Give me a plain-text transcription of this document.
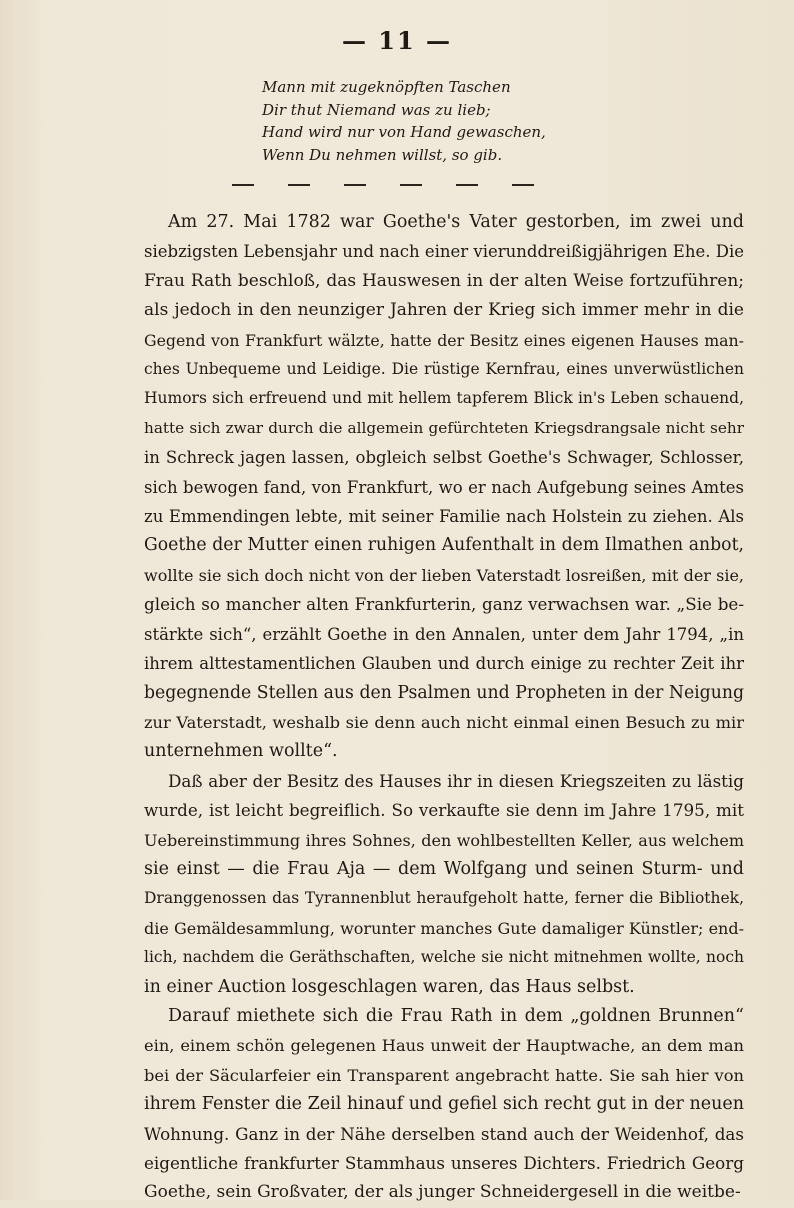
— 11 —
Mann mit zugeknöpften Taschen
Dir thut Niemand was zu lieb;
Hand wird nur von Hand gewaschen,
Wenn Du nehmen willst, so gib.
Am 27. Mai 1782 war Goethe's Vater gestorben, im zwei und
siebzigsten Lebensjahr und nach einer vierunddreißigjährigen Ehe. Die
Frau Rath beschloß, das Hauswesen in der alten Weise fortzuführen;
als jedoch in den neunziger Jahren der Krieg sich immer mehr in die
Gegend von Frankfurt wälzte, hatte der Besitz eines eigenen Hauses man-
ches Unbequeme und Leidige. Die rüstige Kernfrau, eines unverwüstlichen
Humors sich erfreuend und mit hellem tapferem Blick in's Leben schauend,
hatte sich zwar durch die allgemein gefürchteten Kriegsdrangsale nicht sehr
in Schreck jagen lassen, obgleich selbst Goethe's Schwager, Schlosser,
sich bewogen fand, von Frankfurt, wo er nach Aufgebung seines Amtes
zu Emmendingen lebte, mit seiner Familie nach Holstein zu ziehen. Als
Goethe der Mutter einen ruhigen Aufenthalt in dem Ilmathen anbot,
wollte sie sich doch nicht von der lieben Vaterstadt losreißen, mit der sie,
gleich so mancher alten Frankfurterin, ganz verwachsen war. „Sie be-
stärkte sich“, erzählt Goethe in den Annalen, unter dem Jahr 1794, „in
ihrem alttestamentlichen Glauben und durch einige zu rechter Zeit ihr
begegnende Stellen aus den Psalmen und Propheten in der Neigung
zur Vaterstadt, weshalb sie denn auch nicht einmal einen Besuch zu mir
unternehmen wollte“.
Daß aber der Besitz des Hauses ihr in diesen Kriegszeiten zu lästig
wurde, ist leicht begreiflich. So verkaufte sie denn im Jahre 1795, mit
Uebereinstimmung ihres Sohnes, den wohlbestellten Keller, aus welchem
sie einst — die Frau Aja — dem Wolfgang und seinen Sturm- und
Dranggenossen das Tyrannenblut heraufgeholt hatte, ferner die Bibliothek,
die Gemäldesammlung, worunter manches Gute damaliger Künstler; end-
lich, nachdem die Geräthschaften, welche sie nicht mitnehmen wollte, noch
in einer Auction losgeschlagen waren, das Haus selbst.
Darauf miethete sich die Frau Rath in dem „goldnen Brunnen“
ein, einem schön gelegenen Haus unweit der Hauptwache, an dem man
bei der Säcularfeier ein Transparent angebracht hatte. Sie sah hier von
ihrem Fenster die Zeil hinauf und gefiel sich recht gut in der neuen
Wohnung. Ganz in der Nähe derselben stand auch der Weidenhof, das
eigentliche frankfurter Stammhaus unseres Dichters. Friedrich Georg
Goethe, sein Großvater, der als junger Schneidergesell in die weitbe-
